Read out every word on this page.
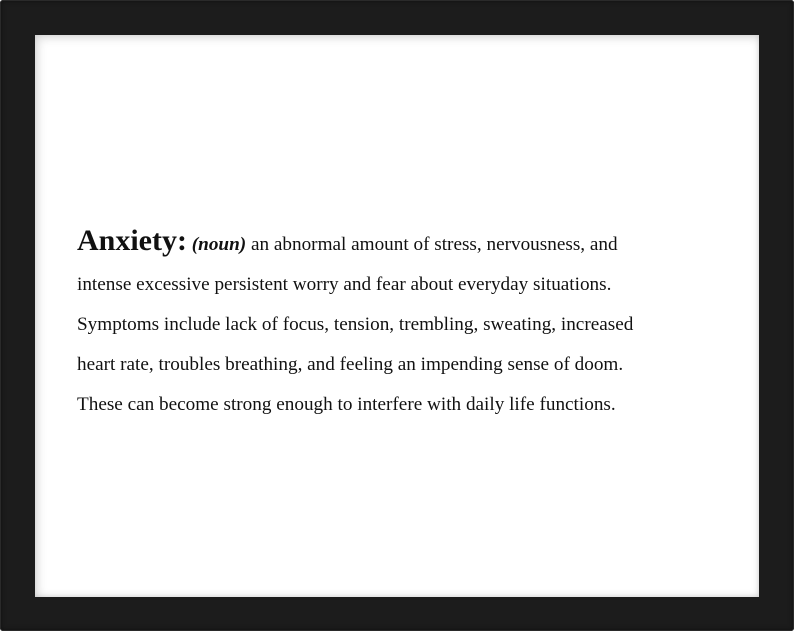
Anxiety: (noun) an abnormal amount of stress, nervousness, and
intense excessive persistent worry and fear about everyday situations.
Symptoms include lack of focus, tension, trembling, sweating, increased
heart rate, troubles breathing, and feeling an impending sense of doom.
These can become strong enough to interfere with daily life functions.
